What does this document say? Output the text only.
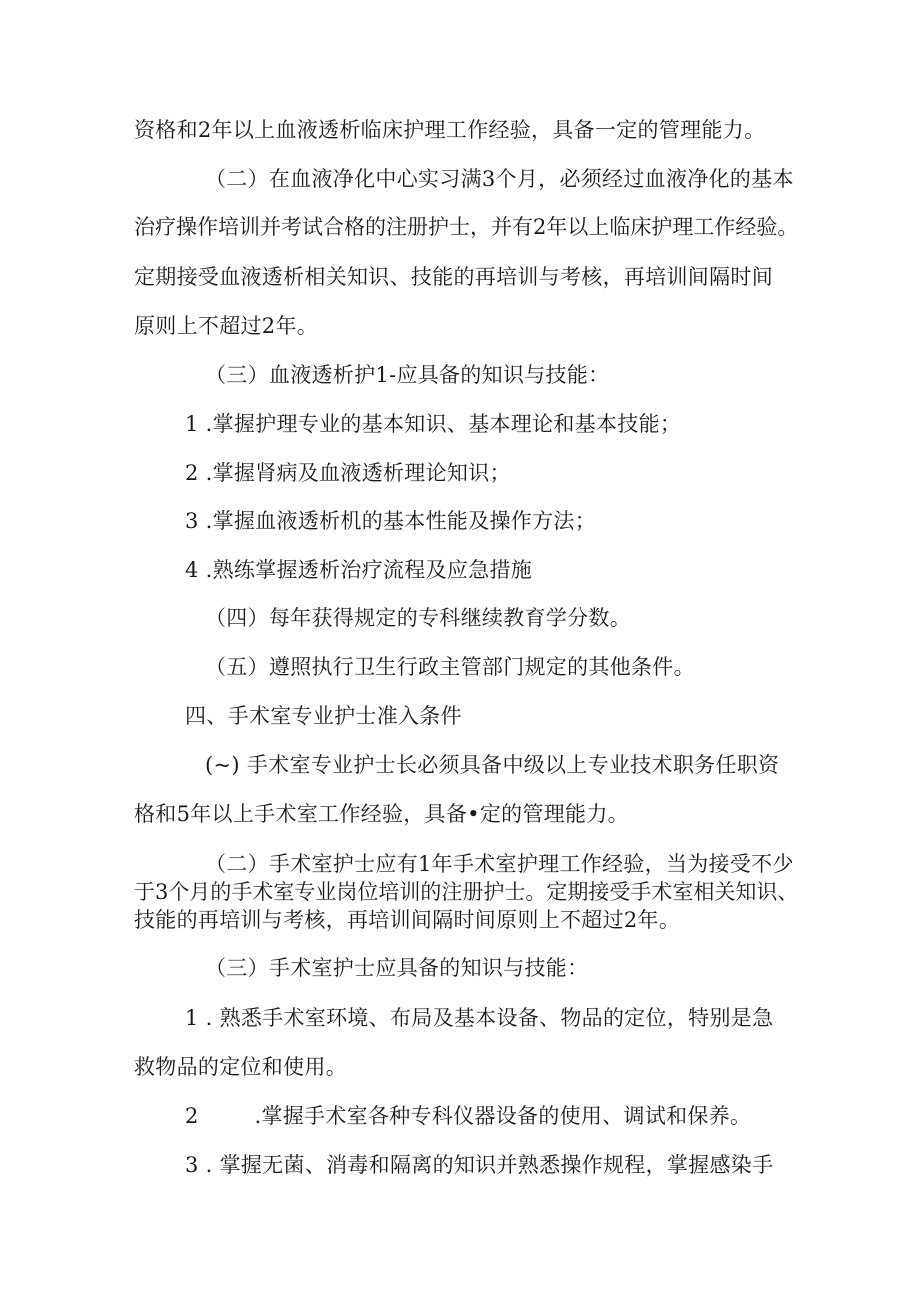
资格和2年以上血液透析临床护理工作经验，具备一定的管理能力。
（二）在血液净化中心实习满3个月，必须经过血液净化的基本
治疗操作培训并考试合格的注册护士，并有2年以上临床护理工作经验。
定期接受血液透析相关知识、技能的再培训与考核，再培训间隔时间
原则上不超过2年。
（三）血液透析护1-应具备的知识与技能：
1 .掌握护理专业的基本知识、基本理论和基本技能；
2 .掌握肾病及血液透析理论知识；
3 .掌握血液透析机的基本性能及操作方法；
4 .熟练掌握透析治疗流程及应急措施
（四）每年获得规定的专科继续教育学分数。
（五）遵照执行卫生行政主管部门规定的其他条件。
四、手术室专业护士准入条件
(~) 手术室专业护士长必须具备中级以上专业技术职务任职资
格和5年以上手术室工作经验，具备•定的管理能力。
（二）手术室护士应有1年手术室护理工作经验，当为接受不少
于3个月的手术室专业岗位培训的注册护士。定期接受手术室相关知识、
技能的再培训与考核，再培训间隔时间原则上不超过2年。
（三）手术室护士应具备的知识与技能：
1 . 熟悉手术室环境、布局及基本设备、物品的定位，特别是急
救物品的定位和使用。
2        .掌握手术室各种专科仪器设备的使用、调试和保养。
3 . 掌握无菌、消毒和隔离的知识并熟悉操作规程，掌握感染手
